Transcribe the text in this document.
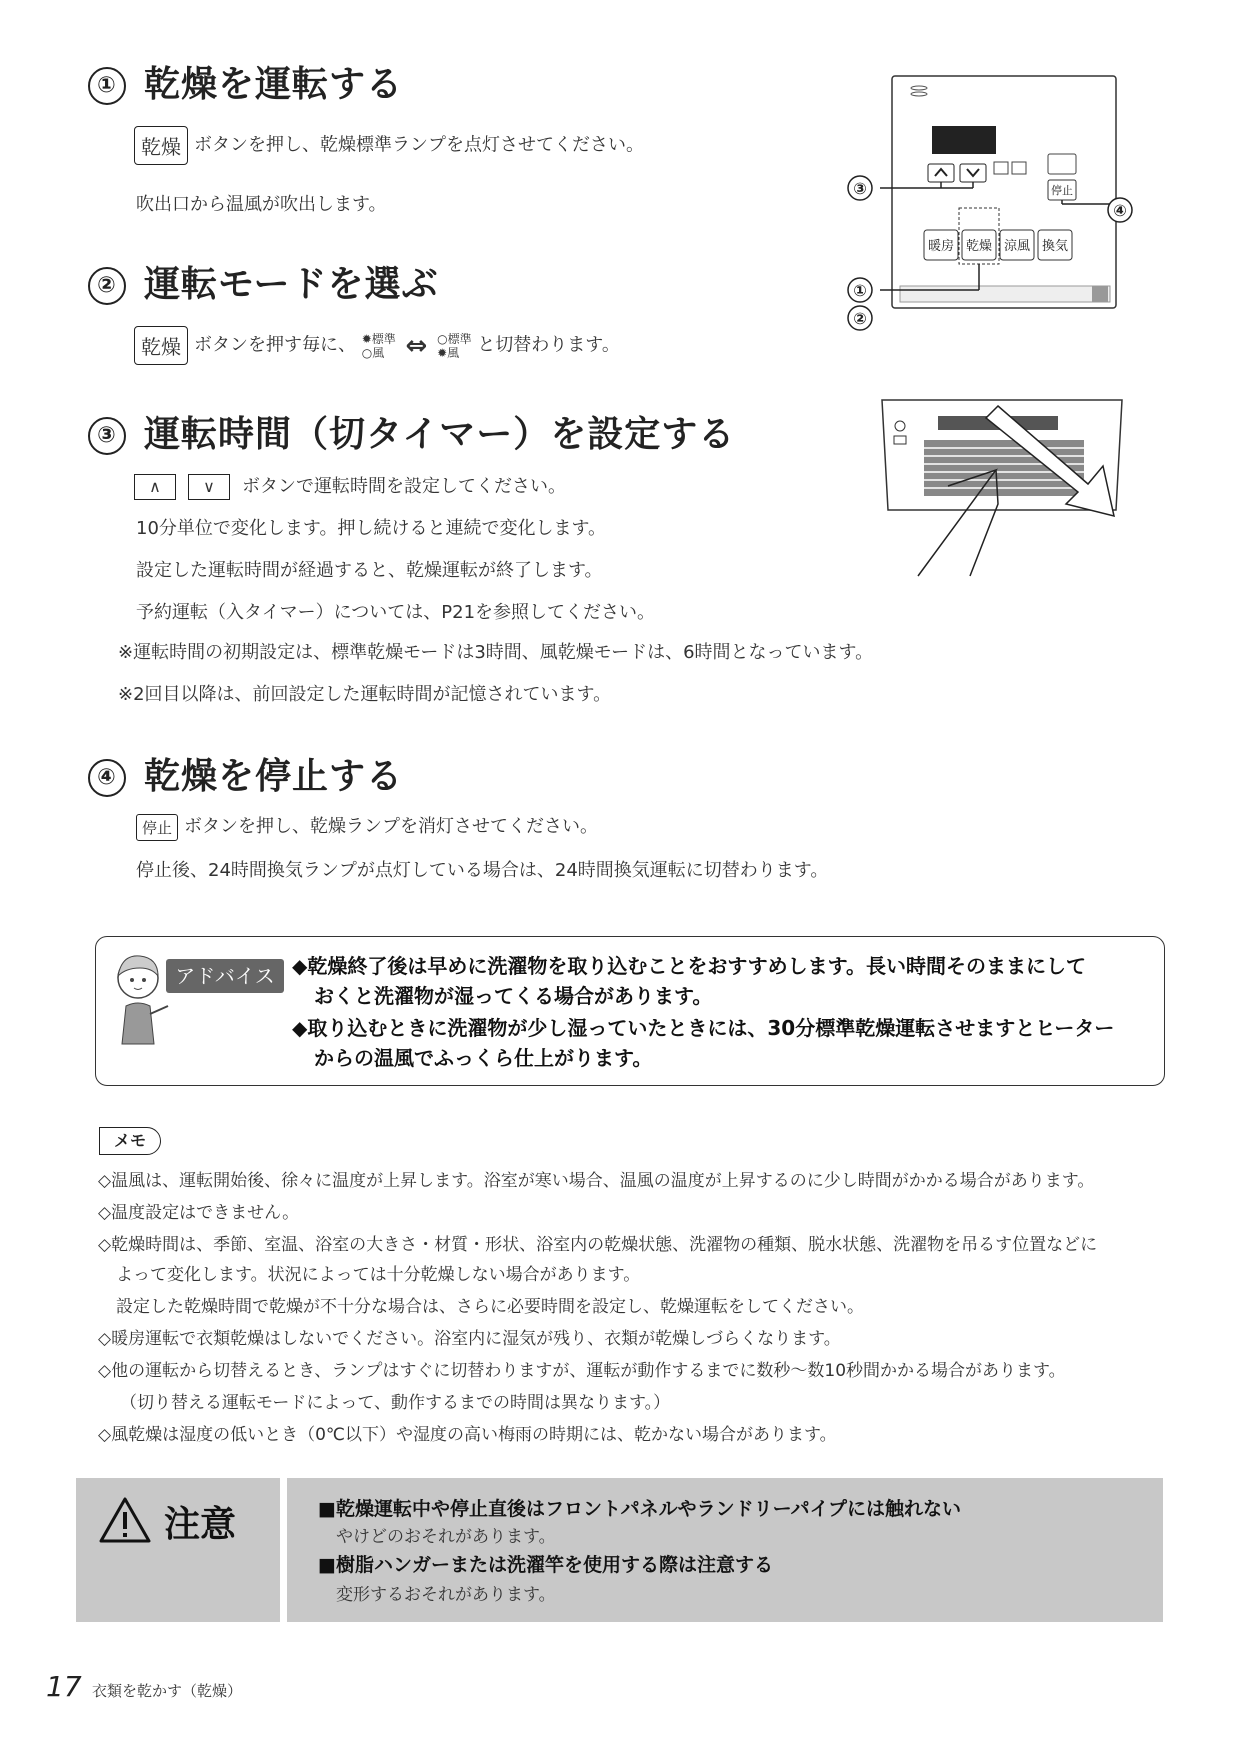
① 乾燥を運転する
乾燥 ボタンを押し、乾燥標準ランプを点灯させてください。
吹出口から温風が吹出します。
② 運転モードを選ぶ
乾燥 ボタンを押す毎に、 ✹標準
○風 ⇔ ○標準
✹風	と切替わります。
③ 運転時間（切タイマー）を設定する
∧	∨ ボタンで運転時間を設定してください。
10分単位で変化します。押し続けると連続で変化します。
設定した運転時間が経過すると、乾燥運転が終了します。
予約運転（入タイマー）については、P21を参照してください。
※運転時間の初期設定は、標準乾燥モードは3時間、風乾燥モードは、6時間となっています。
※2回目以降は、前回設定した運転時間が記憶されています。
④ 乾燥を停止する
停止 ボタンを押し、乾燥ランプを消灯させてください。
停止後、24時間換気ランプが点灯している場合は、24時間換気運転に切替わります。
停止
暖房 乾燥 涼風 換気
③
①
②
④
アドバイス ◆乾燥終了後は早めに洗濯物を取り込むことをおすすめします。長い時間そのままにして
おくと洗濯物が湿ってくる場合があります。
◆取り込むときに洗濯物が少し湿っていたときには、30分標準乾燥運転させますとヒーター
からの温風でふっくら仕上がります。
メモ
◇温風は、運転開始後、徐々に温度が上昇します。浴室が寒い場合、温風の温度が上昇するのに少し時間がかかる場合があります。
◇温度設定はできません。
◇乾燥時間は、季節、室温、浴室の大きさ・材質・形状、浴室内の乾燥状態、洗濯物の種類、脱水状態、洗濯物を吊るす位置などに
よって変化します。状況によっては十分乾燥しない場合があります。
設定した乾燥時間で乾燥が不十分な場合は、さらに必要時間を設定し、乾燥運転をしてください。
◇暖房運転で衣類乾燥はしないでください。浴室内に湿気が残り、衣類が乾燥しづらくなります。
◇他の運転から切替えるとき、ランプはすぐに切替わりますが、運転が動作するまでに数秒～数10秒間かかる場合があります。
（切り替える運転モードによって、動作するまでの時間は異なります。）
◇風乾燥は湿度の低いとき（0℃以下）や湿度の高い梅雨の時期には、乾かない場合があります。
注意	■乾燥運転中や停止直後はフロントパネルやランドリーパイプには触れない
やけどのおそれがあります。
■樹脂ハンガーまたは洗濯竿を使用する際は注意する
変形するおそれがあります。
17 衣類を乾かす（乾燥）
